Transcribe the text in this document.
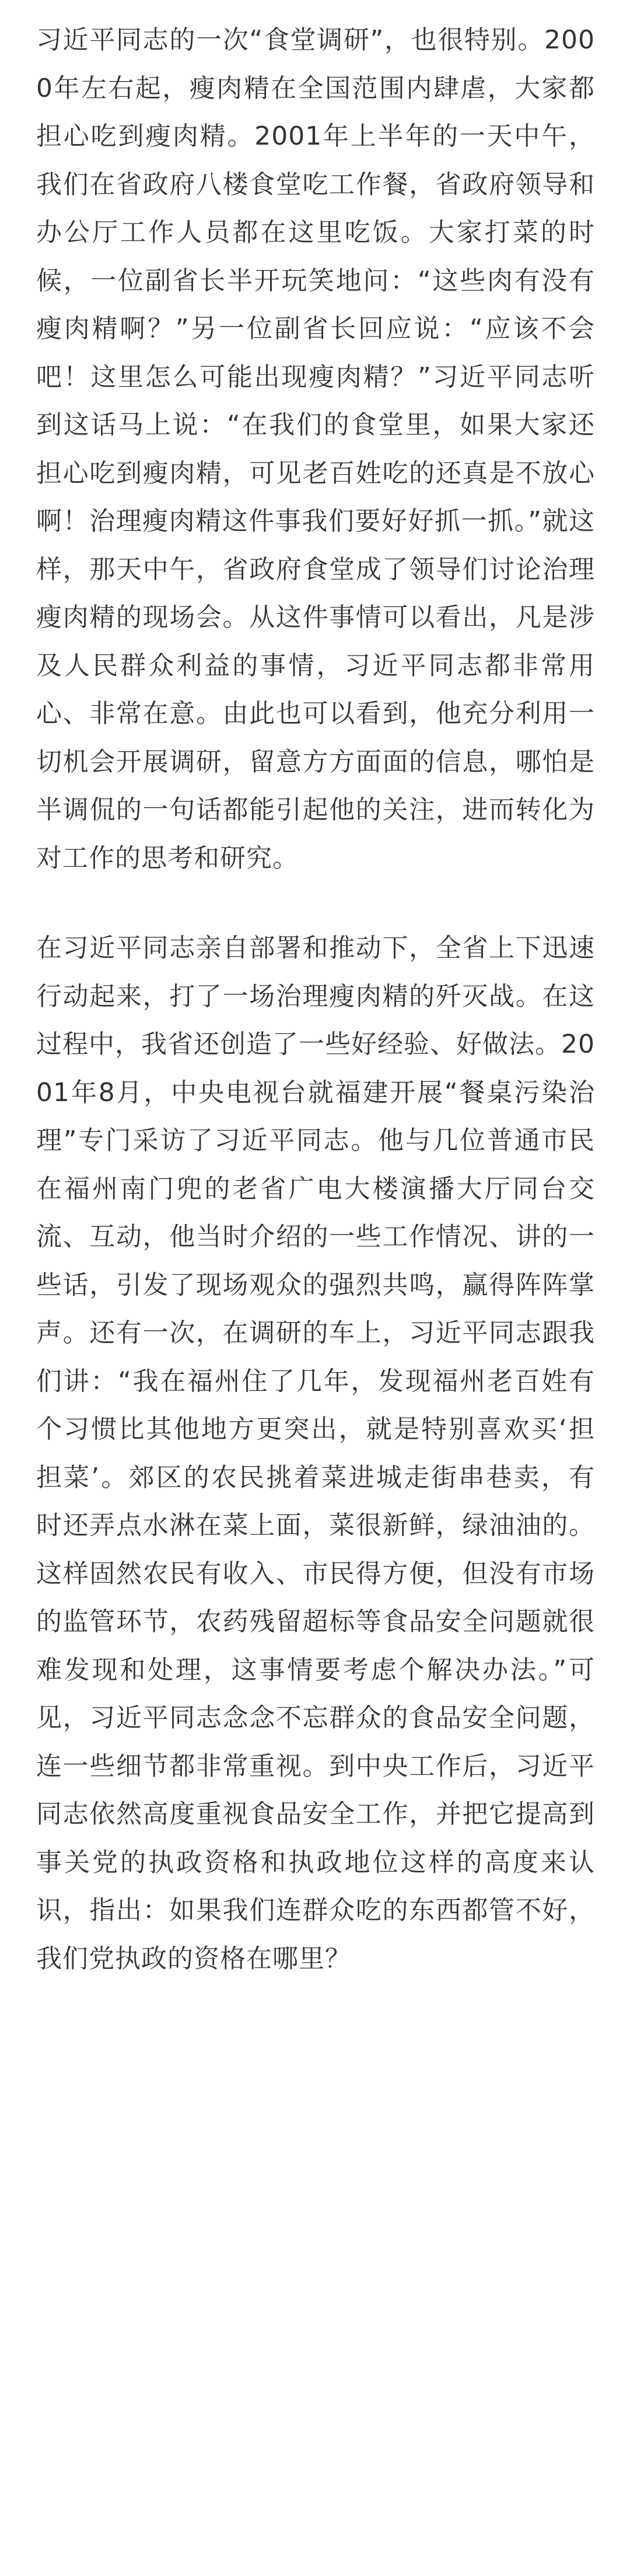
习近平同志的一次“食堂调研”，也很特别。2000年左右起，瘦肉精在全国范围内肆虐，大家都担心吃到瘦肉精。2001年上半年的一天中午，我们在省政府八楼食堂吃工作餐，省政府领导和办公厅工作人员都在这里吃饭。大家打菜的时候，一位副省长半开玩笑地问：“这些肉有没有瘦肉精啊？”另一位副省长回应说：“应该不会吧！这里怎么可能出现瘦肉精？”习近平同志听到这话马上说：“在我们的食堂里，如果大家还担心吃到瘦肉精，可见老百姓吃的还真是不放心啊！治理瘦肉精这件事我们要好好抓一抓。”就这样，那天中午，省政府食堂成了领导们讨论治理瘦肉精的现场会。从这件事情可以看出，凡是涉及人民群众利益的事情，习近平同志都非常用心、非常在意。由此也可以看到，他充分利用一切机会开展调研，留意方方面面的信息，哪怕是半调侃的一句话都能引起他的关注，进而转化为对工作的思考和研究。

在习近平同志亲自部署和推动下，全省上下迅速行动起来，打了一场治理瘦肉精的歼灭战。在这过程中，我省还创造了一些好经验、好做法。2001年8月，中央电视台就福建开展“餐桌污染治理”专门采访了习近平同志。他与几位普通市民在福州南门兜的老省广电大楼演播大厅同台交流、互动，他当时介绍的一些工作情况、讲的一些话，引发了现场观众的强烈共鸣，赢得阵阵掌声。还有一次，在调研的车上，习近平同志跟我们讲：“我在福州住了几年，发现福州老百姓有个习惯比其他地方更突出，就是特别喜欢买‘担担菜’。郊区的农民挑着菜进城走街串巷卖，有时还弄点水淋在菜上面，菜很新鲜，绿油油的。这样固然农民有收入、市民得方便，但没有市场的监管环节，农药残留超标等食品安全问题就很难发现和处理，这事情要考虑个解决办法。”可见，习近平同志念念不忘群众的食品安全问题，连一些细节都非常重视。到中央工作后，习近平同志依然高度重视食品安全工作，并把它提高到事关党的执政资格和执政地位这样的高度来认识，指出：如果我们连群众吃的东西都管不好，我们党执政的资格在哪里？
